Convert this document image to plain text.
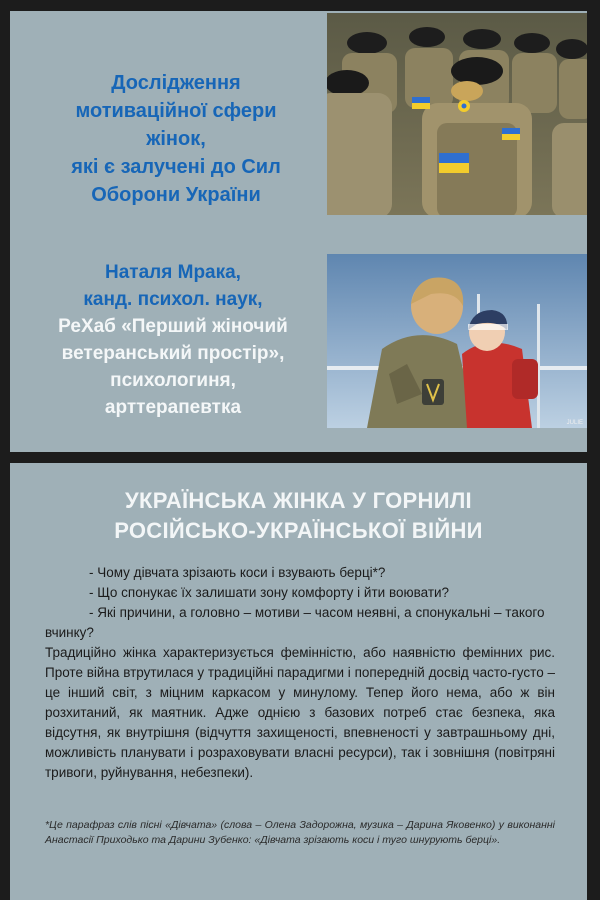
Дослідження
мотиваційної сфери
жінок,
які є залучені до Сил
Оборони України
Наталя Мрака,
канд. психол. наук,
РеХаб «Перший жіночий
ветеранський простір»,
психологиня,
арттерапевтка
JULIE
УКРАЇНСЬКА ЖІНКА У ГОРНИЛІ
РОСІЙСЬКО-УКРАЇНСЬКОЇ ВІЙНИ

- Чому дівчата зрізають коси і взувають берці*?

- Що спонукає їх залишати зону комфорту і йти воювати?

- Які причини, а головно – мотиви – часом неявні, а спонукальні – такого вчинку?

Традиційно жінка характеризується фемінністю, або наявністю фемінних рис. Проте війна втрутилася у традиційні парадигми і попередній досвід часто-густо – це інший світ, з міцним каркасом у минулому. Тепер його нема, або ж він розхитаний, як маятник. Адже однією з базових потреб стає безпека, яка відсутня, як внутрішня (відчуття захищеності, впевненості у завтрашньому дні, можливість планувати і розраховувати власні ресурси), так і зовнішня (повітряні тривоги, руйнування, небезпеки).

*Це парафраз слів пісні «Дівчата» (слова – Олена Задорожна, музика – Дарина Яковенко) у виконанні Анастасії Приходько та Дарини Зубенко: «Дівчата зрізають коси і туго шнурують берці».
